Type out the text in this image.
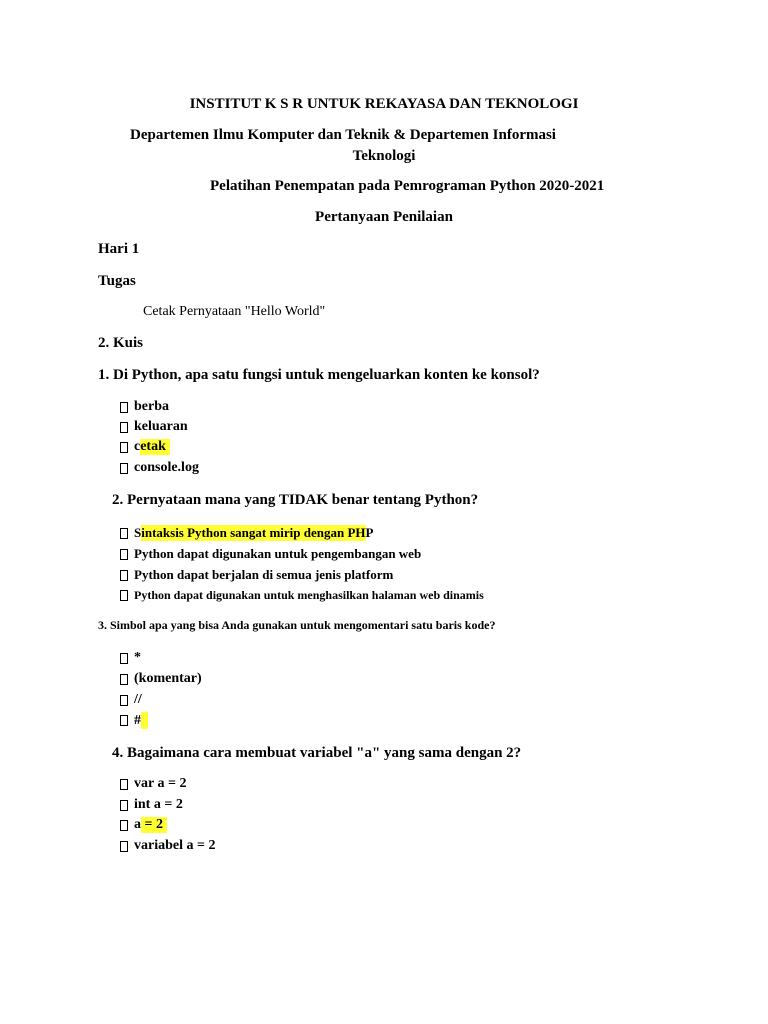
INSTITUT K S R UNTUK REKAYASA DAN TEKNOLOGI
Departemen Ilmu Komputer dan Teknik & Departemen Informasi
Teknologi
Pelatihan Penempatan pada Pemrograman Python 2020-2021
Pertanyaan Penilaian
Hari 1
Tugas
Cetak Pernyataan "Hello World"
2. Kuis
1. Di Python, apa satu fungsi untuk mengeluarkan konten ke konsol?
berba
keluaran
c etak
console.log
2. Pernyataan mana yang TIDAK benar tentang Python?
S intaksis Python sangat mirip dengan PH P
Python dapat digunakan untuk pengembangan web
Python dapat berjalan di semua jenis platform
Python dapat digunakan untuk menghasilkan halaman web dinamis
3. Simbol apa yang bisa Anda gunakan untuk mengomentari satu baris kode?
*
(komentar)
//
#
4. Bagaimana cara membuat variabel "a" yang sama dengan 2?
var a = 2
int a = 2
a = 2
variabel a = 2
